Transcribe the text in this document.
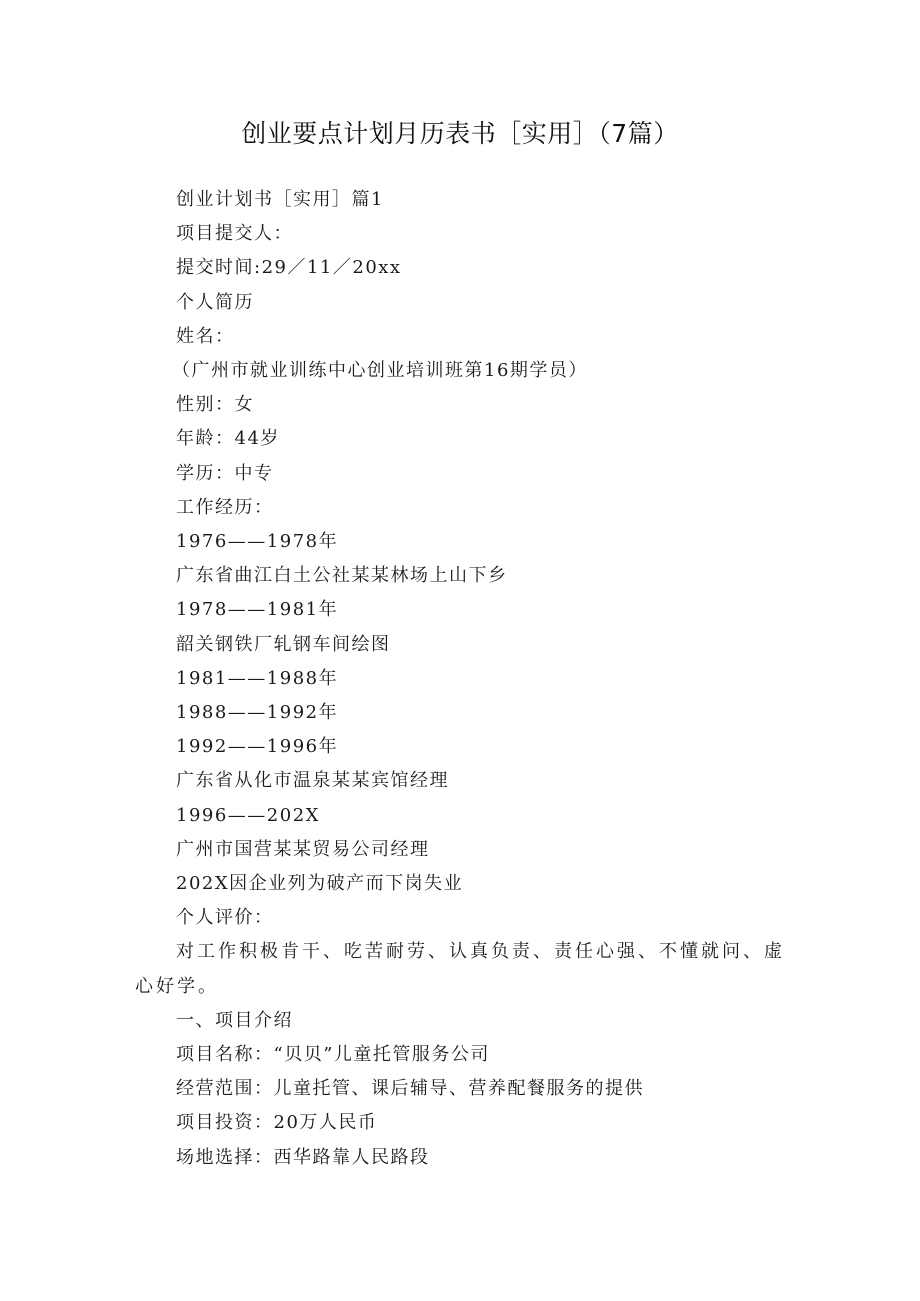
创业要点计划月历表书［实用］（7篇）
创业计划书［实用］篇1
项目提交人：
提交时间:29／11／20xx
个人简历
姓名：
（广州市就业训练中心创业培训班第16期学员）
性别：女
年龄：44岁
学历：中专
工作经历：
1976——1978年
广东省曲江白土公社某某林场上山下乡
1978——1981年
韶关钢铁厂轧钢车间绘图
1981——1988年
1988——1992年
1992——1996年
广东省从化市温泉某某宾馆经理
1996——202X
广州市国营某某贸易公司经理
202X因企业列为破产而下岗失业
个人评价：
对工作积极肯干、吃苦耐劳、认真负责、责任心强、不懂就问、虚心好学。
一、项目介绍
项目名称：“贝贝”儿童托管服务公司
经营范围：儿童托管、课后辅导、营养配餐服务的提供
项目投资：20万人民币
场地选择：西华路靠人民路段
